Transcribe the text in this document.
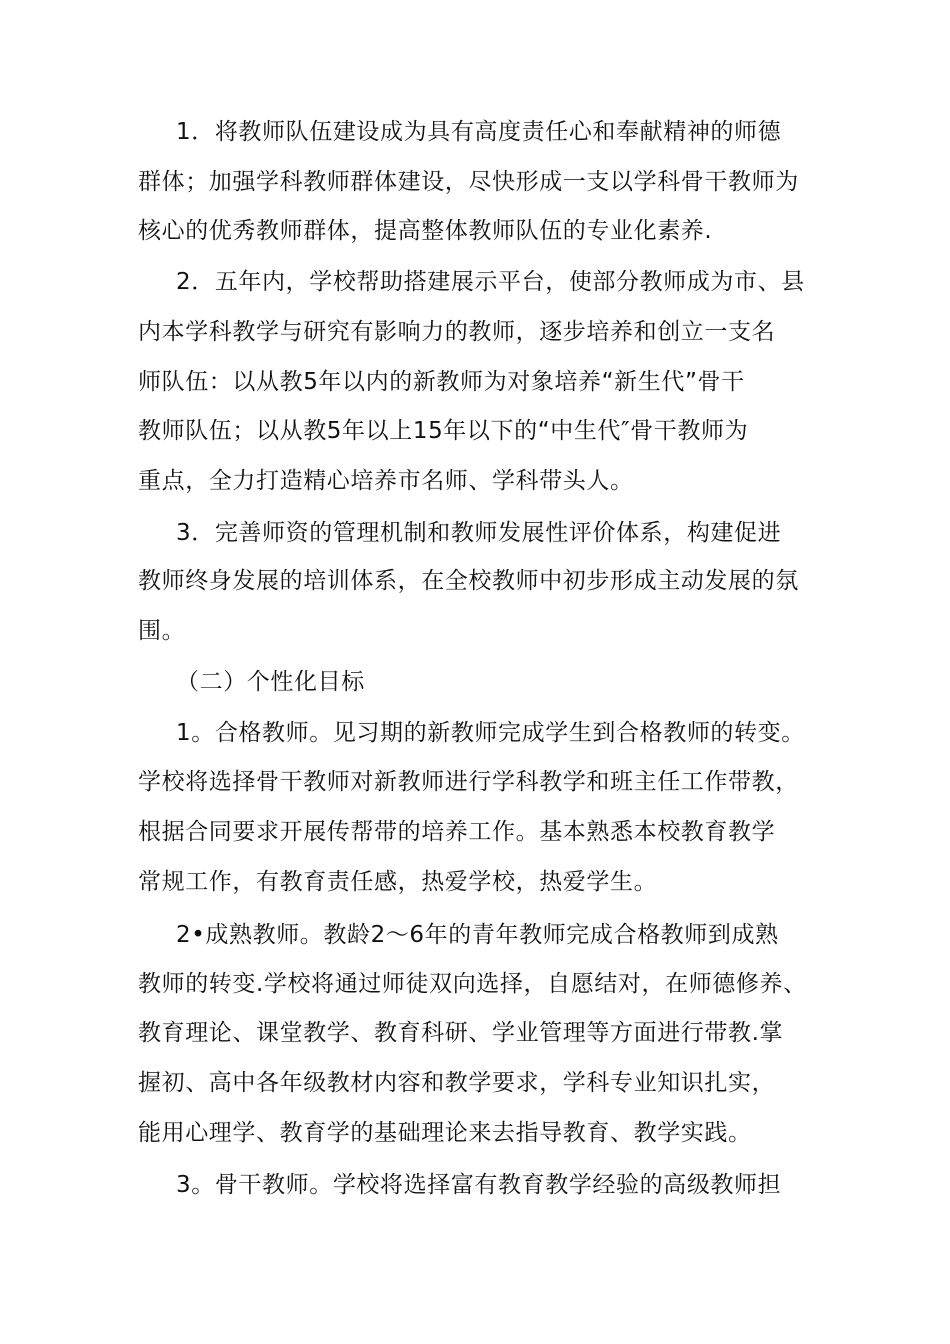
1．将教师队伍建设成为具有高度责任心和奉献精神的师德
群体；加强学科教师群体建设，尽快形成一支以学科骨干教师为
核心的优秀教师群体，提高整体教师队伍的专业化素养.
2．五年内，学校帮助搭建展示平台，使部分教师成为市、县
内本学科教学与研究有影响力的教师，逐步培养和创立一支名
师队伍：以从教5年以内的新教师为对象培养“新生代”骨干
教师队伍；以从教5年以上15年以下的“中生代″骨干教师为
重点，全力打造精心培养市名师、学科带头人。
3．完善师资的管理机制和教师发展性评价体系，构建促进
教师终身发展的培训体系，在全校教师中初步形成主动发展的氛
围。
（二）个性化目标
1。合格教师。见习期的新教师完成学生到合格教师的转变。
学校将选择骨干教师对新教师进行学科教学和班主任工作带教，
根据合同要求开展传帮带的培养工作。基本熟悉本校教育教学
常规工作，有教育责任感，热爱学校，热爱学生。
2•成熟教师。教龄2〜6年的青年教师完成合格教师到成熟
教师的转变.学校将通过师徒双向选择，自愿结对，在师德修养、
教育理论、课堂教学、教育科研、学业管理等方面进行带教.掌
握初、高中各年级教材内容和教学要求，学科专业知识扎实，
能用心理学、教育学的基础理论来去指导教育、教学实践。
3。骨干教师。学校将选择富有教育教学经验的高级教师担
